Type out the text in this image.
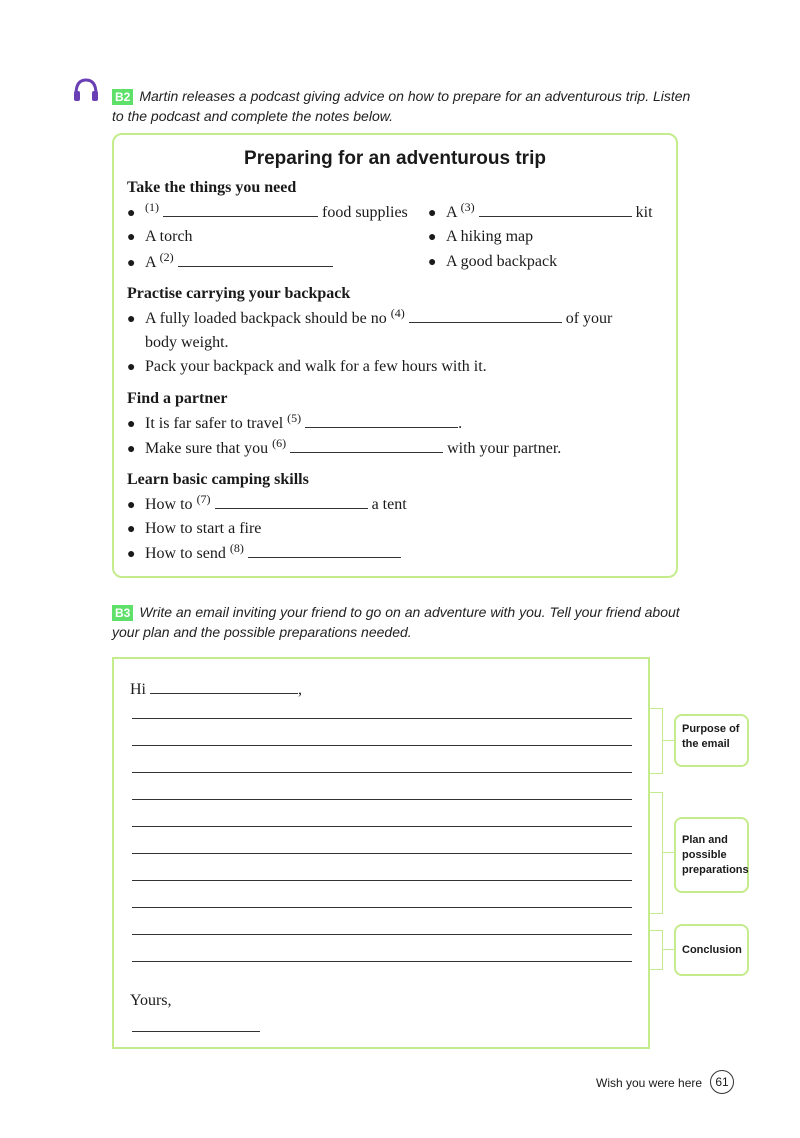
B2 Martin releases a podcast giving advice on how to prepare for an adventurous trip. Listen
to the podcast and complete the notes below.
Preparing for an adventurous trip
Take the things you need
● $^{(1)}$	food supplies
● A torch
● A $^{(2)}$
● A $^{(3)}$	kit
● A hiking map
● A good backpack
Practise carrying your backpack
● A fully loaded backpack should be no $^{(4)}$	of your
body weight.
● Pack your backpack and walk for a few hours with it.
Find a partner
● It is far safer to travel $^{(5)}$	.
● Make sure that you $^{(6)}$	with your partner.
Learn basic camping skills
● How to $^{(7)}$	a tent
● How to start a fire
● How to send $^{(8)}$
B3 Write an email inviting your friend to go on an adventure with you. Tell your friend about
your plan and the possible preparations needed.
Hi	,
Yours,
Purpose of the email
Plan and possible preparations
Conclusion
Wish you were here	61
